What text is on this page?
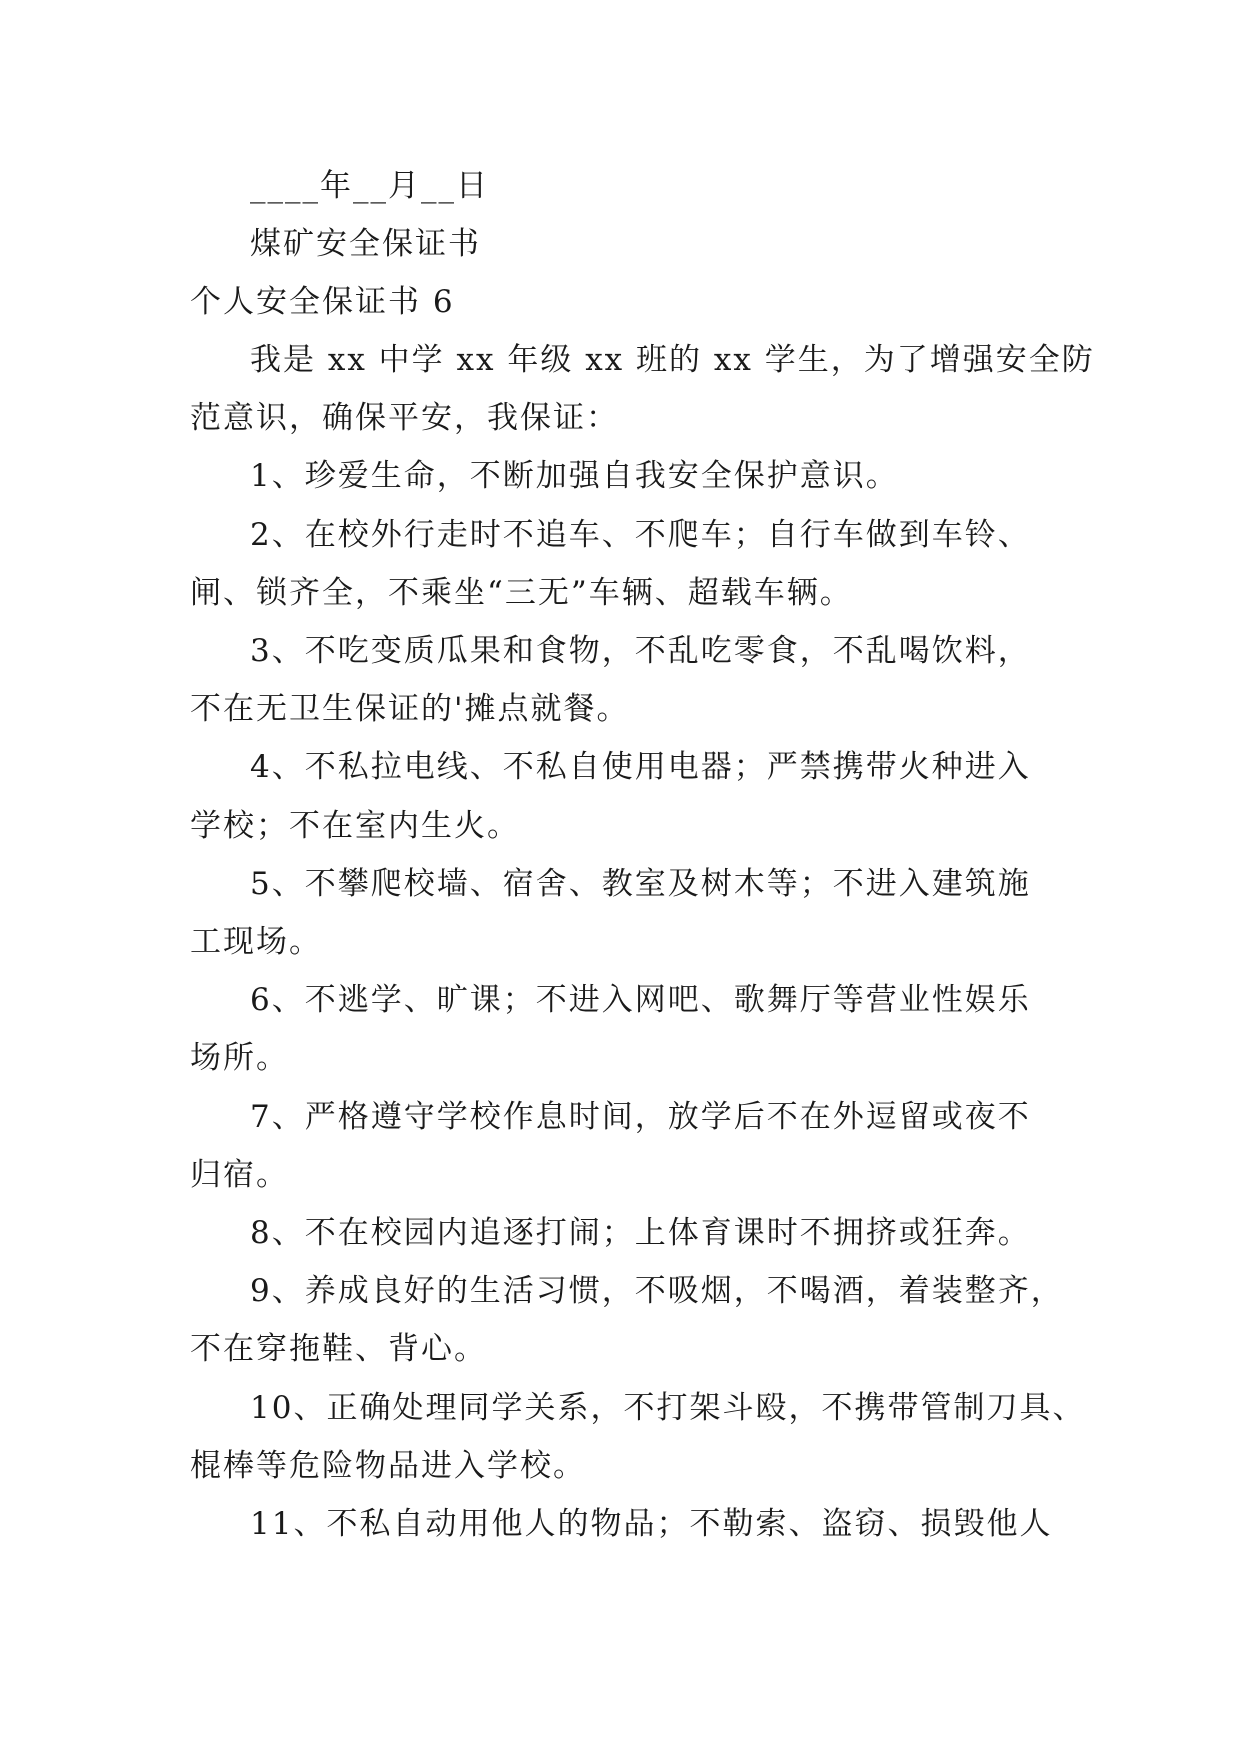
____年__月__日
煤矿安全保证书
个人安全保证书 6
我是 xx 中学 xx 年级 xx 班的 xx 学生，为了增强安全防
范意识，确保平安，我保证：
1、珍爱生命，不断加强自我安全保护意识。
2、在校外行走时不追车、不爬车；自行车做到车铃、
闸、锁齐全，不乘坐“三无”车辆、超载车辆。
3、不吃变质瓜果和食物，不乱吃零食，不乱喝饮料，
不在无卫生保证的'摊点就餐。
4、不私拉电线、不私自使用电器；严禁携带火种进入
学校；不在室内生火。
5、不攀爬校墙、宿舍、教室及树木等；不进入建筑施
工现场。
6、不逃学、旷课；不进入网吧、歌舞厅等营业性娱乐
场所。
7、严格遵守学校作息时间，放学后不在外逗留或夜不
归宿。
8、不在校园内追逐打闹；上体育课时不拥挤或狂奔。
9、养成良好的生活习惯，不吸烟，不喝酒，着装整齐，
不在穿拖鞋、背心。
10、正确处理同学关系，不打架斗殴，不携带管制刀具、
棍棒等危险物品进入学校。
11、不私自动用他人的物品；不勒索、盗窃、损毁他人
